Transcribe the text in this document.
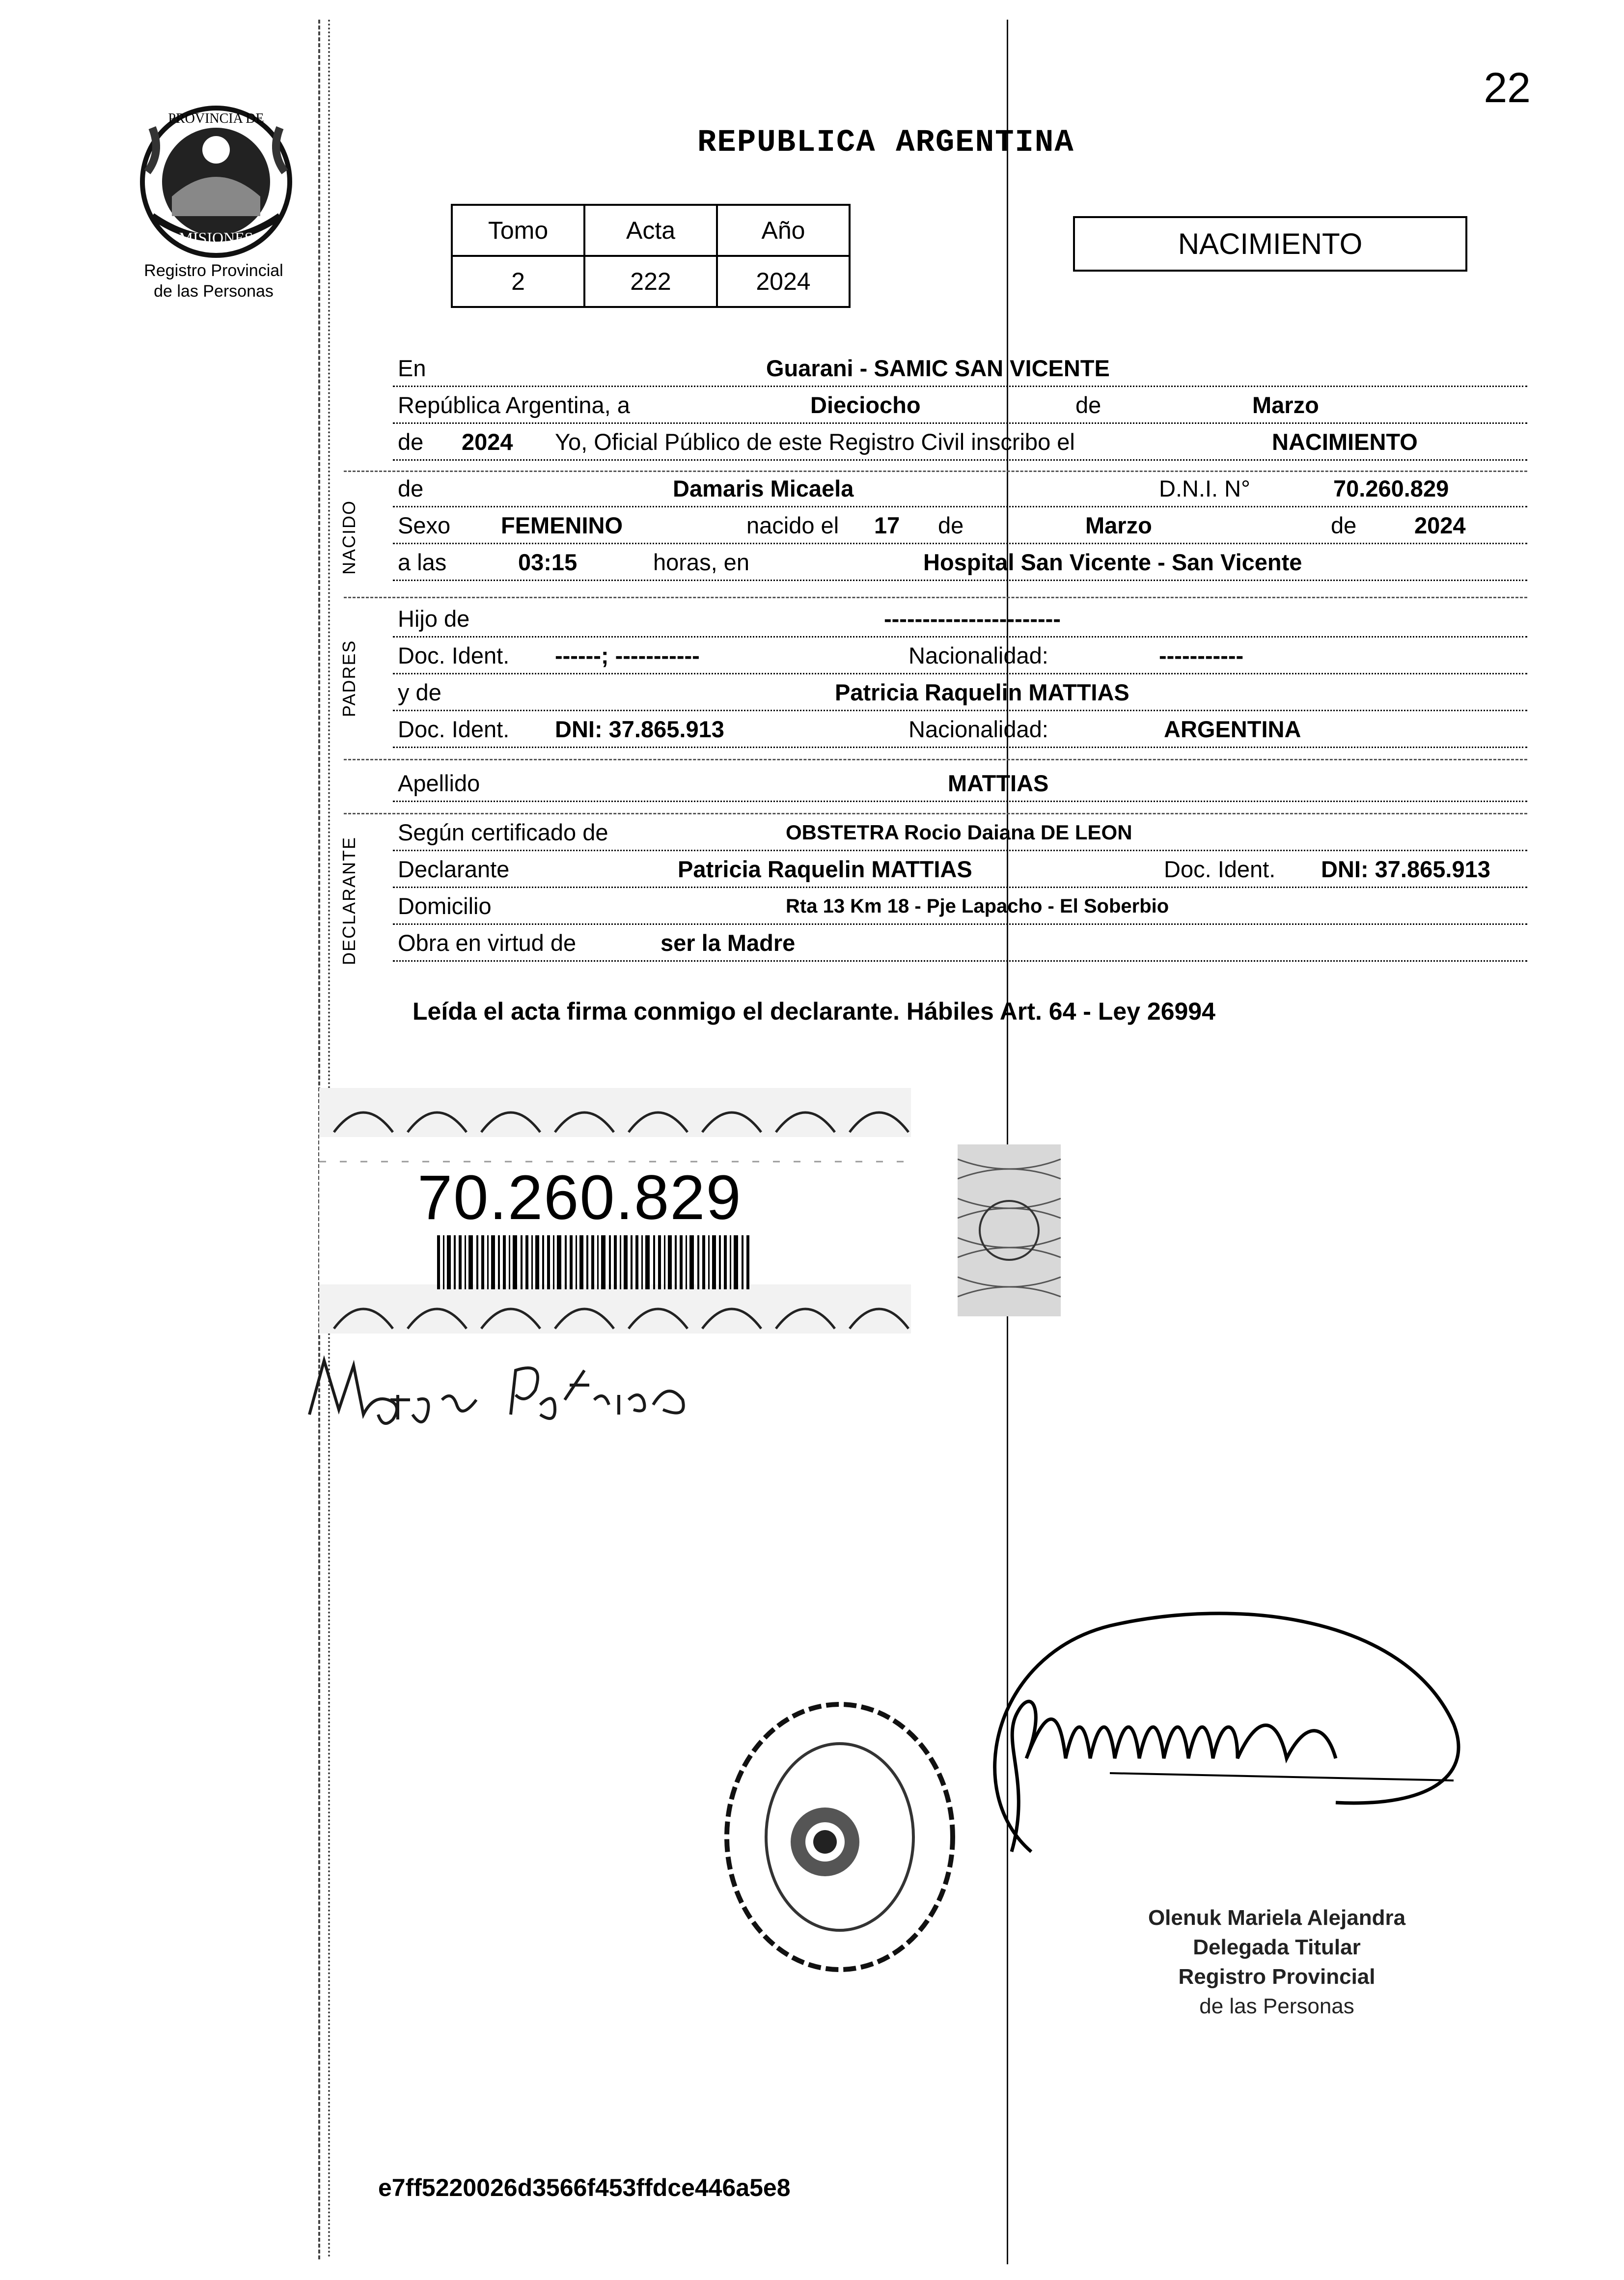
PROVINCIA DE
MISIONES
Registro Provincial
de las Personas
22
REPUBLICA ARGENTINA
Tomo	Acta	Año
2	222	2024
NACIMIENTO
En	Guarani - SAMIC SAN VICENTE
República Argentina, a	Dieciocho	de	Marzo
de 2024 Yo, Oficial Público de este Registro Civil inscribo el	NACIMIENTO
de	Damaris Micaela	D.N.I. N°	70.260.829
Sexo FEMENINO	nacido el 17 de	Marzo	de	2024
a las	03:15	horas, en	Hospital San Vicente - San Vicente
NACIDO
Hijo de	-----------------------
Doc. Ident. ------; -----------	Nacionalidad:	-----------
y de	Patricia Raquelin MATTIAS
Doc. Ident. DNI: 37.865.913	Nacionalidad:	ARGENTINA
PADRES
Apellido	MATTIAS
Según certificado de	OBSTETRA Rocio Daiana DE LEON
Declarante	Patricia Raquelin MATTIAS	Doc. Ident. DNI: 37.865.913
Domicilio	Rta 13 Km 18 - Pje Lapacho - El Soberbio
Obra en virtud de	ser la Madre
DECLARANTE
Leída el acta firma conmigo el declarante. Hábiles Art. 64 - Ley 26994
70.260.829
Olenuk Mariela Alejandra
Delegada Titular
Registro Provincial
de las Personas
e7ff5220026d3566f453ffdce446a5e8
